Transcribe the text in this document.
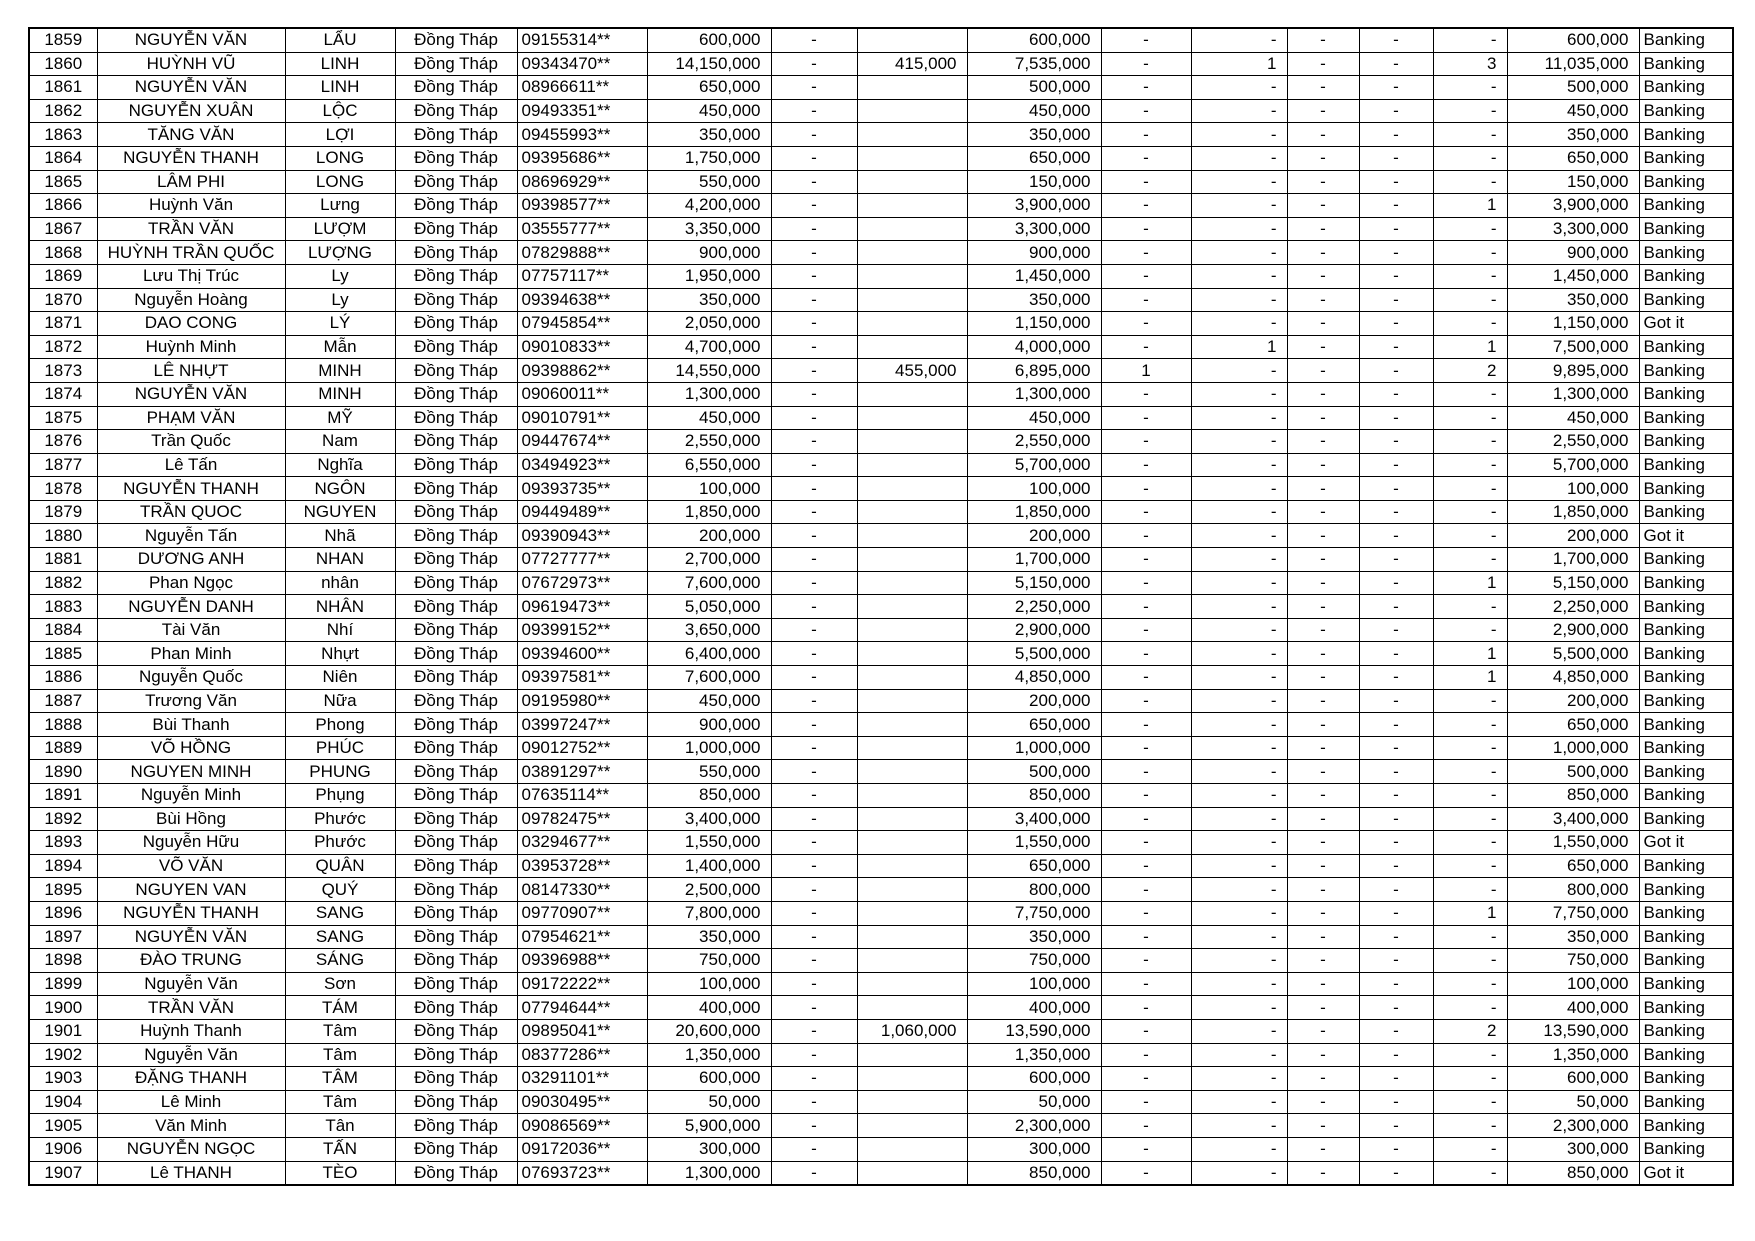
1859	NGUYỄN VĂN	LẨU	Đồng Tháp	09155314**	600,000	-		600,000	-	-	-	-	-	600,000	Banking
1860	HUỲNH VŨ	LINH	Đồng Tháp	09343470**	14,150,000	-	415,000	7,535,000	-	1	-	-	3	11,035,000	Banking
1861	NGUYỄN VĂN	LINH	Đồng Tháp	08966611**	650,000	-		500,000	-	-	-	-	-	500,000	Banking
1862	NGUYỄN XUÂN	LỘC	Đồng Tháp	09493351**	450,000	-		450,000	-	-	-	-	-	450,000	Banking
1863	TĂNG VĂN	LỢI	Đồng Tháp	09455993**	350,000	-		350,000	-	-	-	-	-	350,000	Banking
1864	NGUYỄN THANH	LONG	Đồng Tháp	09395686**	1,750,000	-		650,000	-	-	-	-	-	650,000	Banking
1865	LÂM PHI	LONG	Đồng Tháp	08696929**	550,000	-		150,000	-	-	-	-	-	150,000	Banking
1866	Huỳnh Văn	Lưng	Đồng Tháp	09398577**	4,200,000	-		3,900,000	-	-	-	-	1	3,900,000	Banking
1867	TRẦN VĂN	LƯỢM	Đồng Tháp	03555777**	3,350,000	-		3,300,000	-	-	-	-	-	3,300,000	Banking
1868	HUỲNH TRẦN QUỐC	LƯỢNG	Đồng Tháp	07829888**	900,000	-		900,000	-	-	-	-	-	900,000	Banking
1869	Lưu Thị Trúc	Ly	Đồng Tháp	07757117**	1,950,000	-		1,450,000	-	-	-	-	-	1,450,000	Banking
1870	Nguyễn Hoàng	Ly	Đồng Tháp	09394638**	350,000	-		350,000	-	-	-	-	-	350,000	Banking
1871	DAO CONG	LÝ	Đồng Tháp	07945854**	2,050,000	-		1,150,000	-	-	-	-	-	1,150,000	Got it
1872	Huỳnh Minh	Mẫn	Đồng Tháp	09010833**	4,700,000	-		4,000,000	-	1	-	-	1	7,500,000	Banking
1873	LÊ NHỰT	MINH	Đồng Tháp	09398862**	14,550,000	-	455,000	6,895,000	1	-	-	-	2	9,895,000	Banking
1874	NGUYỄN VĂN	MINH	Đồng Tháp	09060011**	1,300,000	-		1,300,000	-	-	-	-	-	1,300,000	Banking
1875	PHẠM VĂN	MỸ	Đồng Tháp	09010791**	450,000	-		450,000	-	-	-	-	-	450,000	Banking
1876	Trần Quốc	Nam	Đồng Tháp	09447674**	2,550,000	-		2,550,000	-	-	-	-	-	2,550,000	Banking
1877	Lê Tấn	Nghĩa	Đồng Tháp	03494923**	6,550,000	-		5,700,000	-	-	-	-	-	5,700,000	Banking
1878	NGUYỄN THANH	NGÔN	Đồng Tháp	09393735**	100,000	-		100,000	-	-	-	-	-	100,000	Banking
1879	TRẦN QUOC	NGUYEN	Đồng Tháp	09449489**	1,850,000	-		1,850,000	-	-	-	-	-	1,850,000	Banking
1880	Nguyễn Tấn	Nhã	Đồng Tháp	09390943**	200,000	-		200,000	-	-	-	-	-	200,000	Got it
1881	DƯƠNG ANH	NHAN	Đồng Tháp	07727777**	2,700,000	-		1,700,000	-	-	-	-	-	1,700,000	Banking
1882	Phan Ngọc	nhân	Đồng Tháp	07672973**	7,600,000	-		5,150,000	-	-	-	-	1	5,150,000	Banking
1883	NGUYỄN DANH	NHÂN	Đồng Tháp	09619473**	5,050,000	-		2,250,000	-	-	-	-	-	2,250,000	Banking
1884	Tài Văn	Nhí	Đồng Tháp	09399152**	3,650,000	-		2,900,000	-	-	-	-	-	2,900,000	Banking
1885	Phan Minh	Nhựt	Đồng Tháp	09394600**	6,400,000	-		5,500,000	-	-	-	-	1	5,500,000	Banking
1886	Nguyễn Quốc	Niên	Đồng Tháp	09397581**	7,600,000	-		4,850,000	-	-	-	-	1	4,850,000	Banking
1887	Trương Văn	Nữa	Đồng Tháp	09195980**	450,000	-		200,000	-	-	-	-	-	200,000	Banking
1888	Bùi Thanh	Phong	Đồng Tháp	03997247**	900,000	-		650,000	-	-	-	-	-	650,000	Banking
1889	VÕ HỒNG	PHÚC	Đồng Tháp	09012752**	1,000,000	-		1,000,000	-	-	-	-	-	1,000,000	Banking
1890	NGUYEN MINH	PHUNG	Đồng Tháp	03891297**	550,000	-		500,000	-	-	-	-	-	500,000	Banking
1891	Nguyễn Minh	Phụng	Đồng Tháp	07635114**	850,000	-		850,000	-	-	-	-	-	850,000	Banking
1892	Bùi Hồng	Phước	Đồng Tháp	09782475**	3,400,000	-		3,400,000	-	-	-	-	-	3,400,000	Banking
1893	Nguyễn Hữu	Phước	Đồng Tháp	03294677**	1,550,000	-		1,550,000	-	-	-	-	-	1,550,000	Got it
1894	VÕ VĂN	QUÂN	Đồng Tháp	03953728**	1,400,000	-		650,000	-	-	-	-	-	650,000	Banking
1895	NGUYEN VAN	QUÝ	Đồng Tháp	08147330**	2,500,000	-		800,000	-	-	-	-	-	800,000	Banking
1896	NGUYỄN THANH	SANG	Đồng Tháp	09770907**	7,800,000	-		7,750,000	-	-	-	-	1	7,750,000	Banking
1897	NGUYỄN VĂN	SANG	Đồng Tháp	07954621**	350,000	-		350,000	-	-	-	-	-	350,000	Banking
1898	ĐÀO TRUNG	SÁNG	Đồng Tháp	09396988**	750,000	-		750,000	-	-	-	-	-	750,000	Banking
1899	Nguyễn Văn	Sơn	Đồng Tháp	09172222**	100,000	-		100,000	-	-	-	-	-	100,000	Banking
1900	TRẦN VĂN	TÁM	Đồng Tháp	07794644**	400,000	-		400,000	-	-	-	-	-	400,000	Banking
1901	Huỳnh Thanh	Tâm	Đồng Tháp	09895041**	20,600,000	-	1,060,000	13,590,000	-	-	-	-	2	13,590,000	Banking
1902	Nguyễn Văn	Tâm	Đồng Tháp	08377286**	1,350,000	-		1,350,000	-	-	-	-	-	1,350,000	Banking
1903	ĐẶNG THANH	TÂM	Đồng Tháp	03291101**	600,000	-		600,000	-	-	-	-	-	600,000	Banking
1904	Lê Minh	Tâm	Đồng Tháp	09030495**	50,000	-		50,000	-	-	-	-	-	50,000	Banking
1905	Văn Minh	Tân	Đồng Tháp	09086569**	5,900,000	-		2,300,000	-	-	-	-	-	2,300,000	Banking
1906	NGUYỄN NGỌC	TẤN	Đồng Tháp	09172036**	300,000	-		300,000	-	-	-	-	-	300,000	Banking
1907	Lê THANH	TÈO	Đồng Tháp	07693723**	1,300,000	-		850,000	-	-	-	-	-	850,000	Got it
